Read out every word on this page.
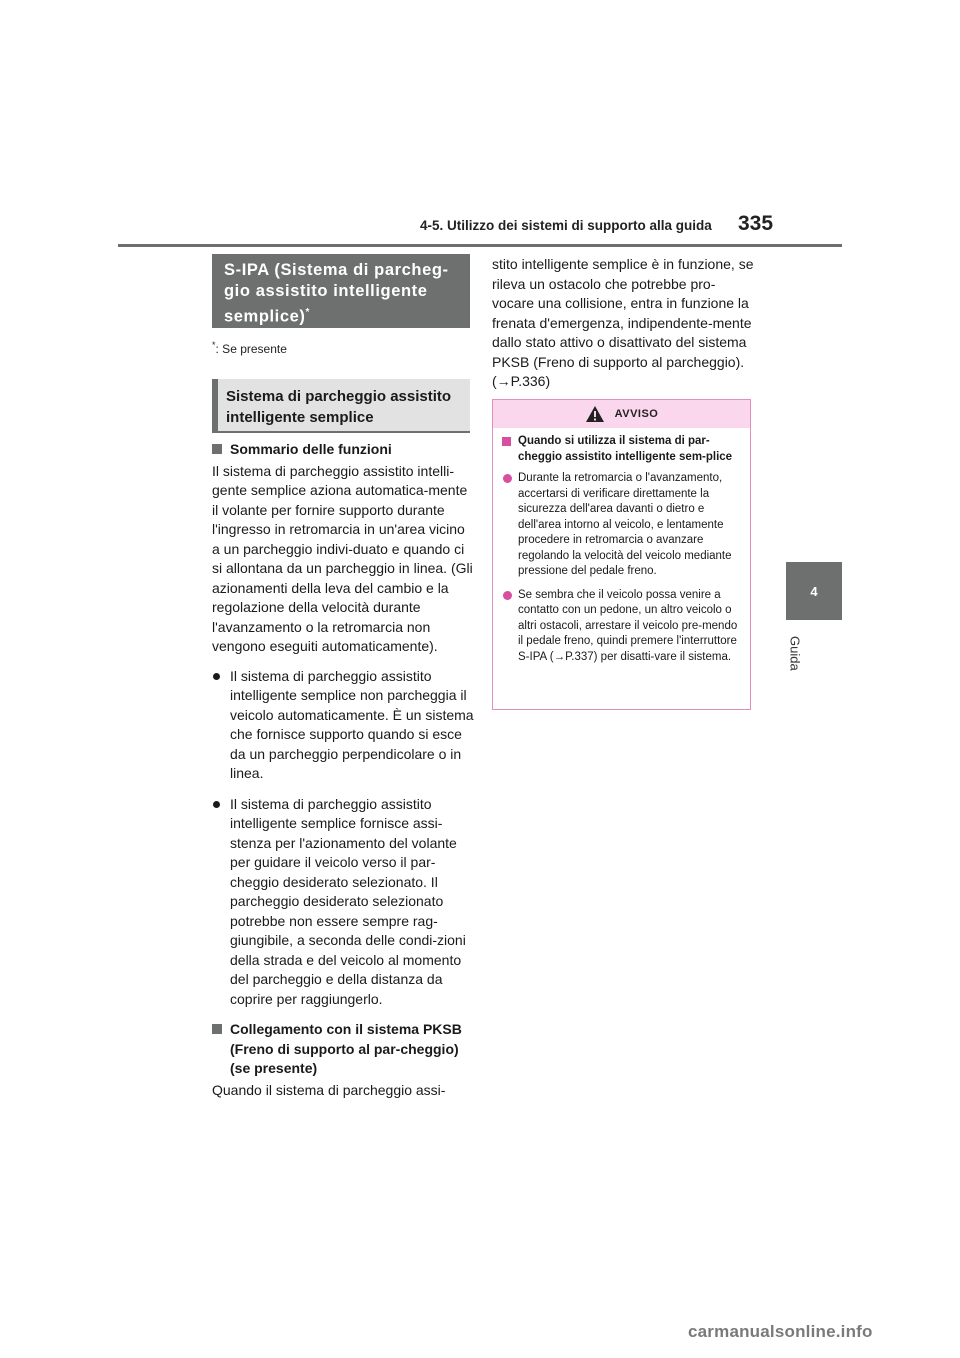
4-5. Utilizzo dei sistemi di supporto alla guida 335
4
Guida
S-IPA (Sistema di parcheg-gio assistito intelligente semplice)*
*: Se presente
Sistema di parcheggio assistito intelligente semplice

Sommario delle funzioni

Il sistema di parcheggio assistito intelli-gente semplice aziona automatica-mente il volante per fornire supporto durante l'ingresso in retromarcia in un'area vicino a un parcheggio indivi-duato e quando ci si allontana da un parcheggio in linea. (Gli azionamenti della leva del cambio e la regolazione della velocità durante l'avanzamento o la retromarcia non vengono eseguiti automaticamente).

Il sistema di parcheggio assistito intelligente semplice non parcheggia il veicolo automaticamente. È un sistema che fornisce supporto quando si esce da un parcheggio perpendicolare o in linea.
Il sistema di parcheggio assistito intelligente semplice fornisce assi-stenza per l'azionamento del volante per guidare il veicolo verso il par-cheggio desiderato selezionato. Il parcheggio desiderato selezionato potrebbe non essere sempre rag-giungibile, a seconda delle condi-zioni della strada e del veicolo al momento del parcheggio e della distanza da coprire per raggiungerlo.

Collegamento con il sistema PKSB (Freno di supporto al par-cheggio) (se presente)

Quando il sistema di parcheggio assi-

stito intelligente semplice è in funzione, se rileva un ostacolo che potrebbe pro-vocare una collisione, entra in funzione la frenata d'emergenza, indipendente-mente dallo stato attivo o disattivato del sistema PKSB (Freno di supporto al parcheggio). (→P.336)

AVVISO
Quando si utilizza il sistema di par-cheggio assistito intelligente sem-plice
Durante la retromarcia o l'avanzamento, accertarsi di verificare direttamente la sicurezza dell'area davanti o dietro e dell'area intorno al veicolo, e lentamente procedere in retromarcia o avanzare regolando la velocità del veicolo mediante pressione del pedale freno.
Se sembra che il veicolo possa venire a contatto con un pedone, un altro veicolo o altri ostacoli, arrestare il veicolo pre-mendo il pedale freno, quindi premere l'interruttore S-IPA (→P.337) per disatti-vare il sistema.
carmanualsonline.info
